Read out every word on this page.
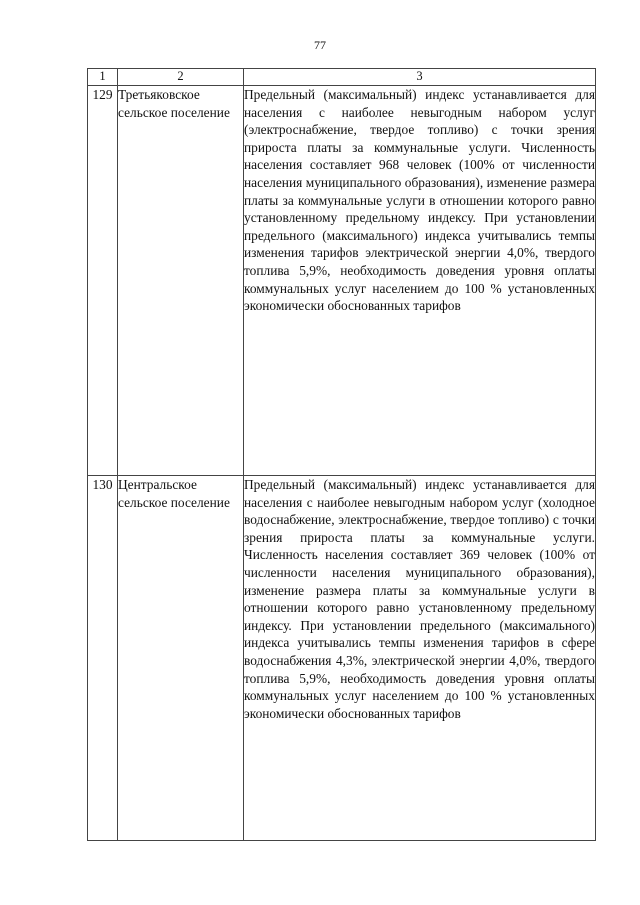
77
1	2	3
129	Третьяковское сельское поселение	Предельный (максимальный) индекс устанавливается для населения с наиболее невыгодным набором услуг (электроснабжение, твердое топливо) с точки зрения прироста платы за коммунальные услуги. Численность населения составляет 968 человек (100% от численности населения муниципального образования), изменение размера платы за коммунальные услуги в отношении которого равно установленному предельному индексу. При установлении предельного (максимального) индекса учитывались темпы изменения тарифов электрической энергии 4,0%, твердого топлива 5,9%, необходимость доведения уровня оплаты коммунальных услуг населением до 100 % установленных экономически обоснованных тарифов
130	Центральское сельское поселение	Предельный (максимальный) индекс устанавливается для населения с наиболее невыгодным набором услуг (холодное водоснабжение, электроснабжение, твердое топливо) с точки зрения прироста платы за коммунальные услуги. Численность населения составляет 369 человек (100% от численности населения муниципального образования), изменение размера платы за коммунальные услуги в отношении которого равно установленному предельному индексу. При установлении предельного (максимального) индекса учитывались темпы изменения тарифов в сфере водоснабжения 4,3%, электрической энергии 4,0%, твердого топлива 5,9%, необходимость доведения уровня оплаты коммунальных услуг населением до 100 % установленных экономически обоснованных тарифов
